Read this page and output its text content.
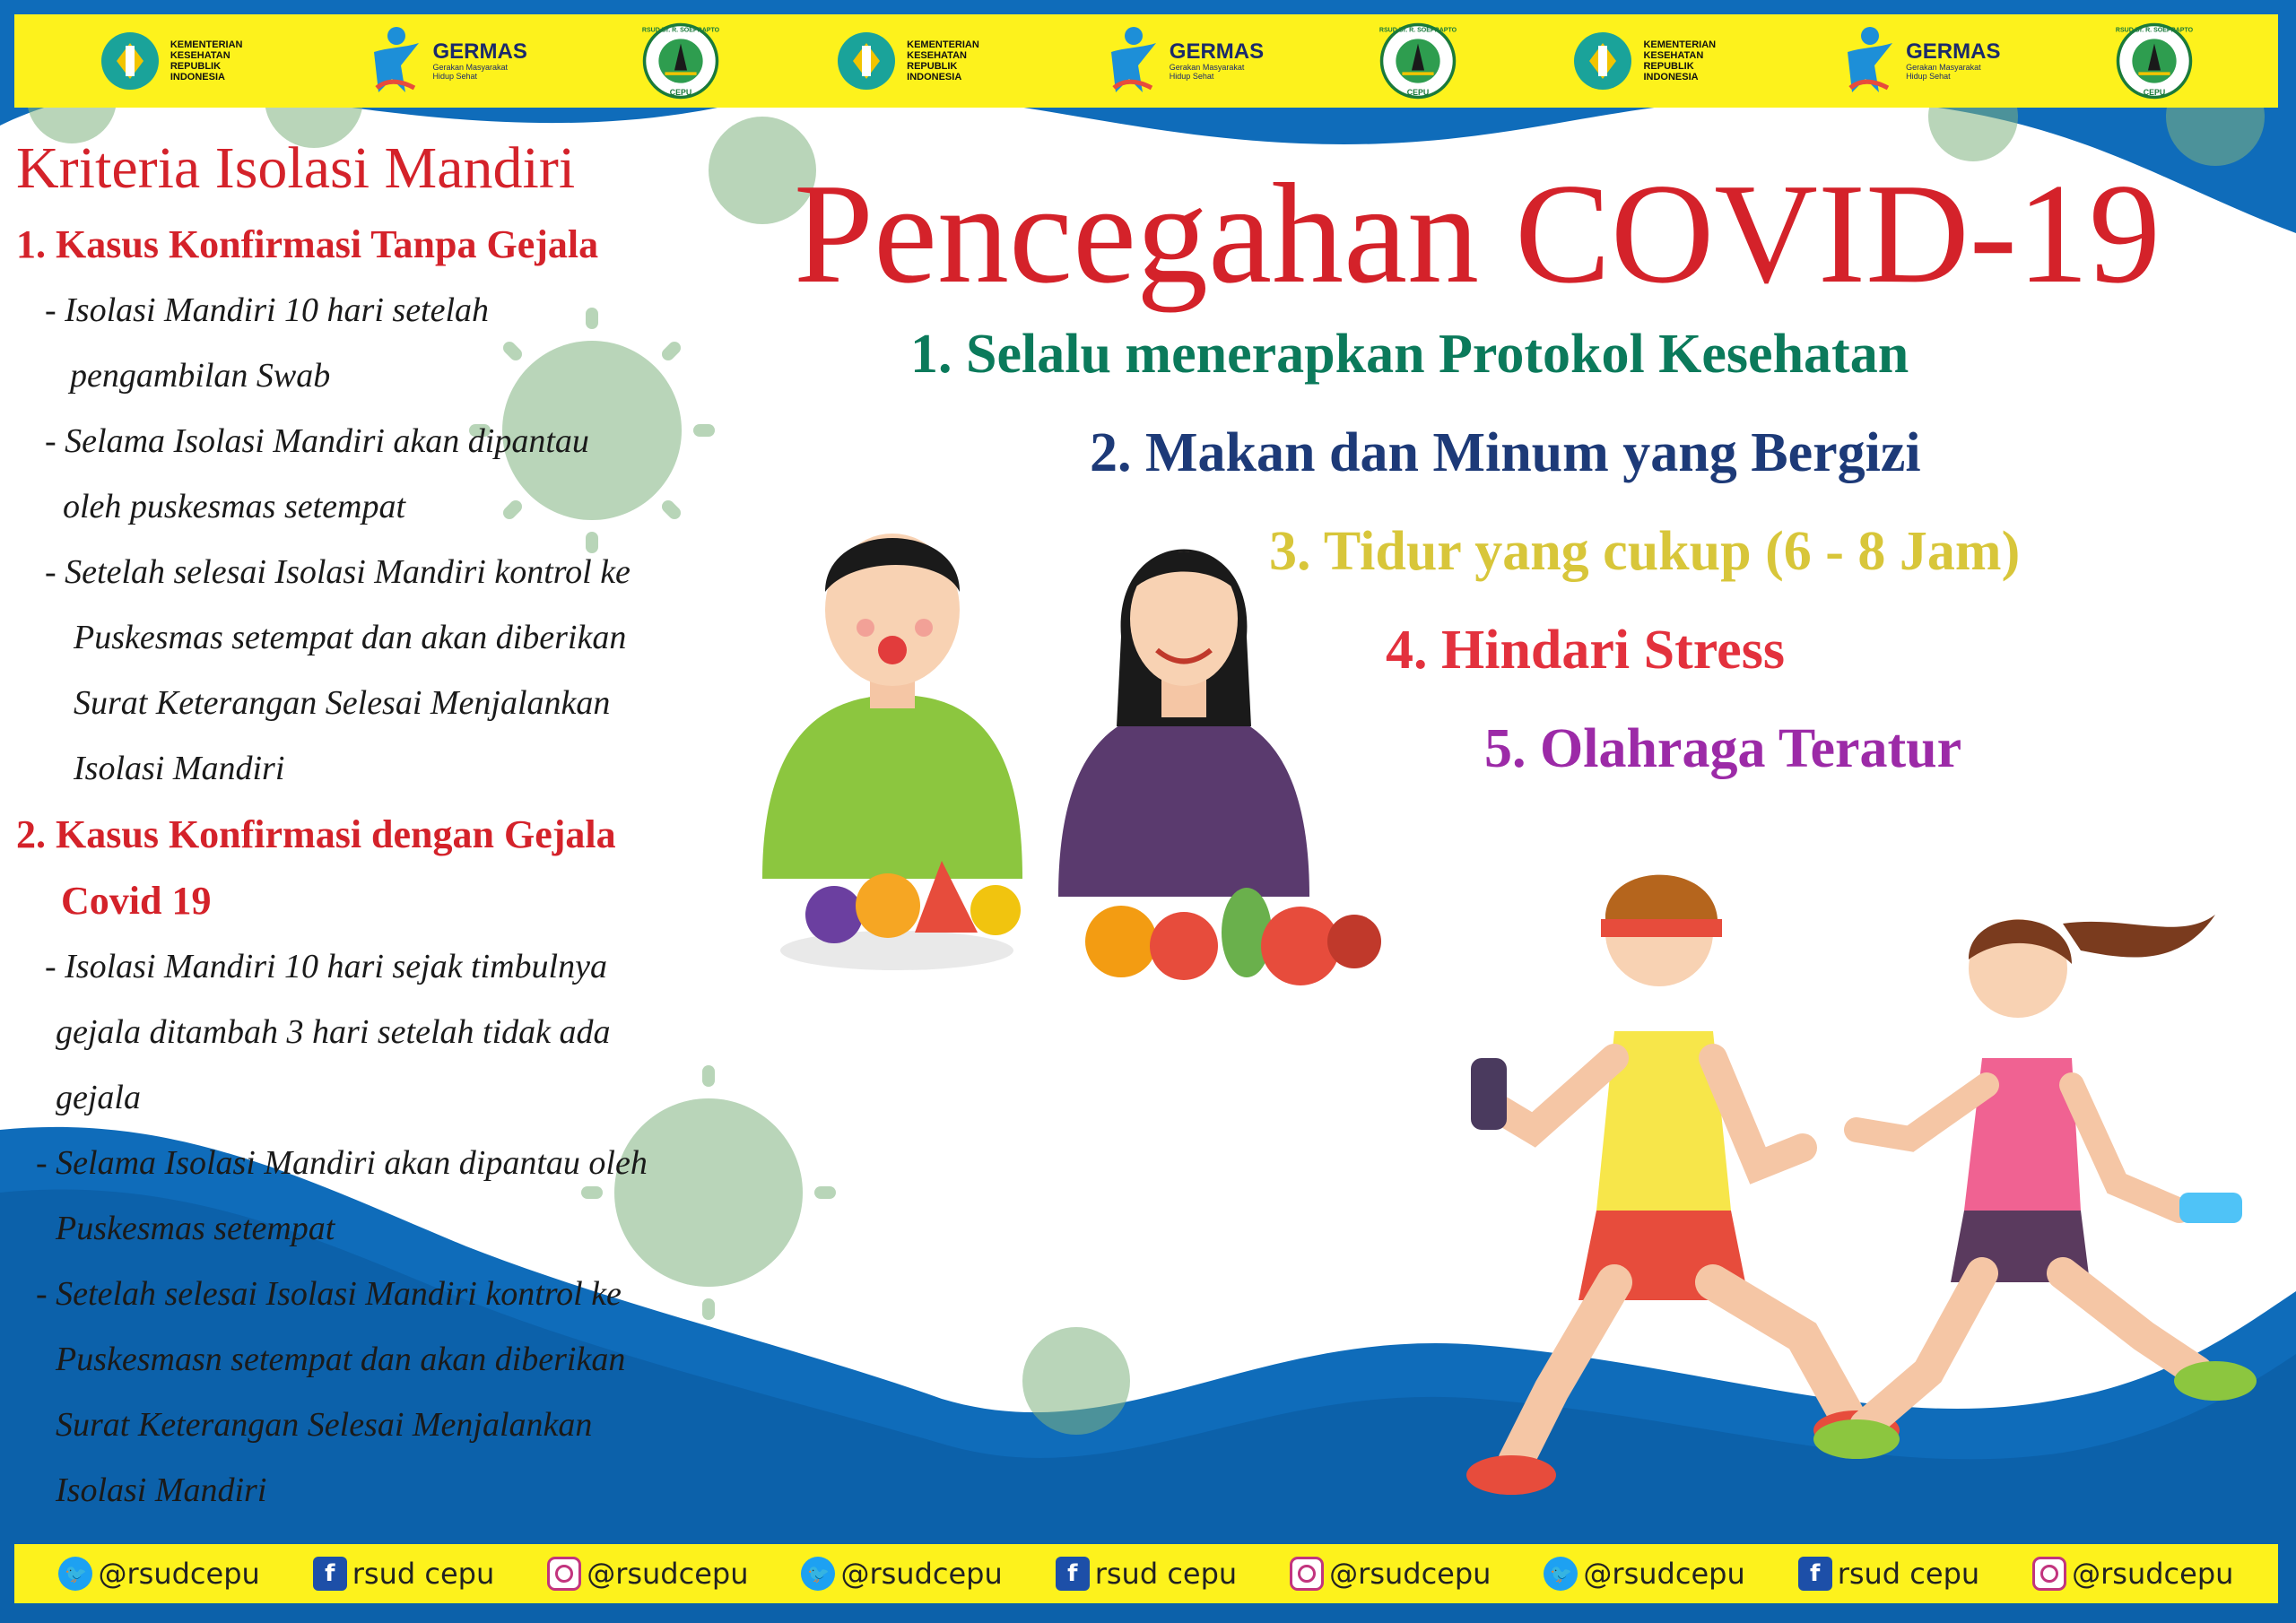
KEMENTERIAN
KESEHATAN
REPUBLIK
INDONESIA
GERMAS
Gerakan Masyarakat
Hidup Sehat
RSUD Dr. R. SOEPRAPTO
CEPU
KEMENTERIAN
KESEHATAN
REPUBLIK
INDONESIA
GERMAS
Gerakan Masyarakat
Hidup Sehat
RSUD Dr. R. SOEPRAPTO
CEPU
KEMENTERIAN
KESEHATAN
REPUBLIK
INDONESIA
GERMAS
Gerakan Masyarakat
Hidup Sehat
RSUD Dr. R. SOEPRAPTO
CEPU
Kriteria Isolasi Mandiri
1. Kasus Konfirmasi Tanpa Gejala
- Isolasi Mandiri 10 hari setelah
pengambilan Swab
- Selama Isolasi Mandiri akan dipantau
oleh puskesmas setempat
- Setelah selesai Isolasi Mandiri kontrol ke
Puskesmas setempat dan akan diberikan
Surat Keterangan Selesai Menjalankan
Isolasi Mandiri
2. Kasus Konfirmasi dengan Gejala
Covid 19
- Isolasi Mandiri 10 hari sejak timbulnya
gejala ditambah 3 hari setelah tidak ada
gejala
- Selama Isolasi Mandiri akan dipantau oleh
Puskesmas setempat
- Setelah selesai Isolasi Mandiri kontrol ke
Puskesmasn setempat dan akan diberikan
Surat Keterangan Selesai Menjalankan
Isolasi Mandiri
Pencegahan COVID-19
1. Selalu menerapkan Protokol Kesehatan
2. Makan dan Minum yang Bergizi
3. Tidur yang cukup (6 - 8 Jam)
4. Hindari Stress
5. Olahraga Teratur
🐦 @rsudcepu	f rsud cepu	@rsudcepu	🐦 @rsudcepu	f rsud cepu	@rsudcepu	🐦 @rsudcepu	f rsud cepu	@rsudcepu
